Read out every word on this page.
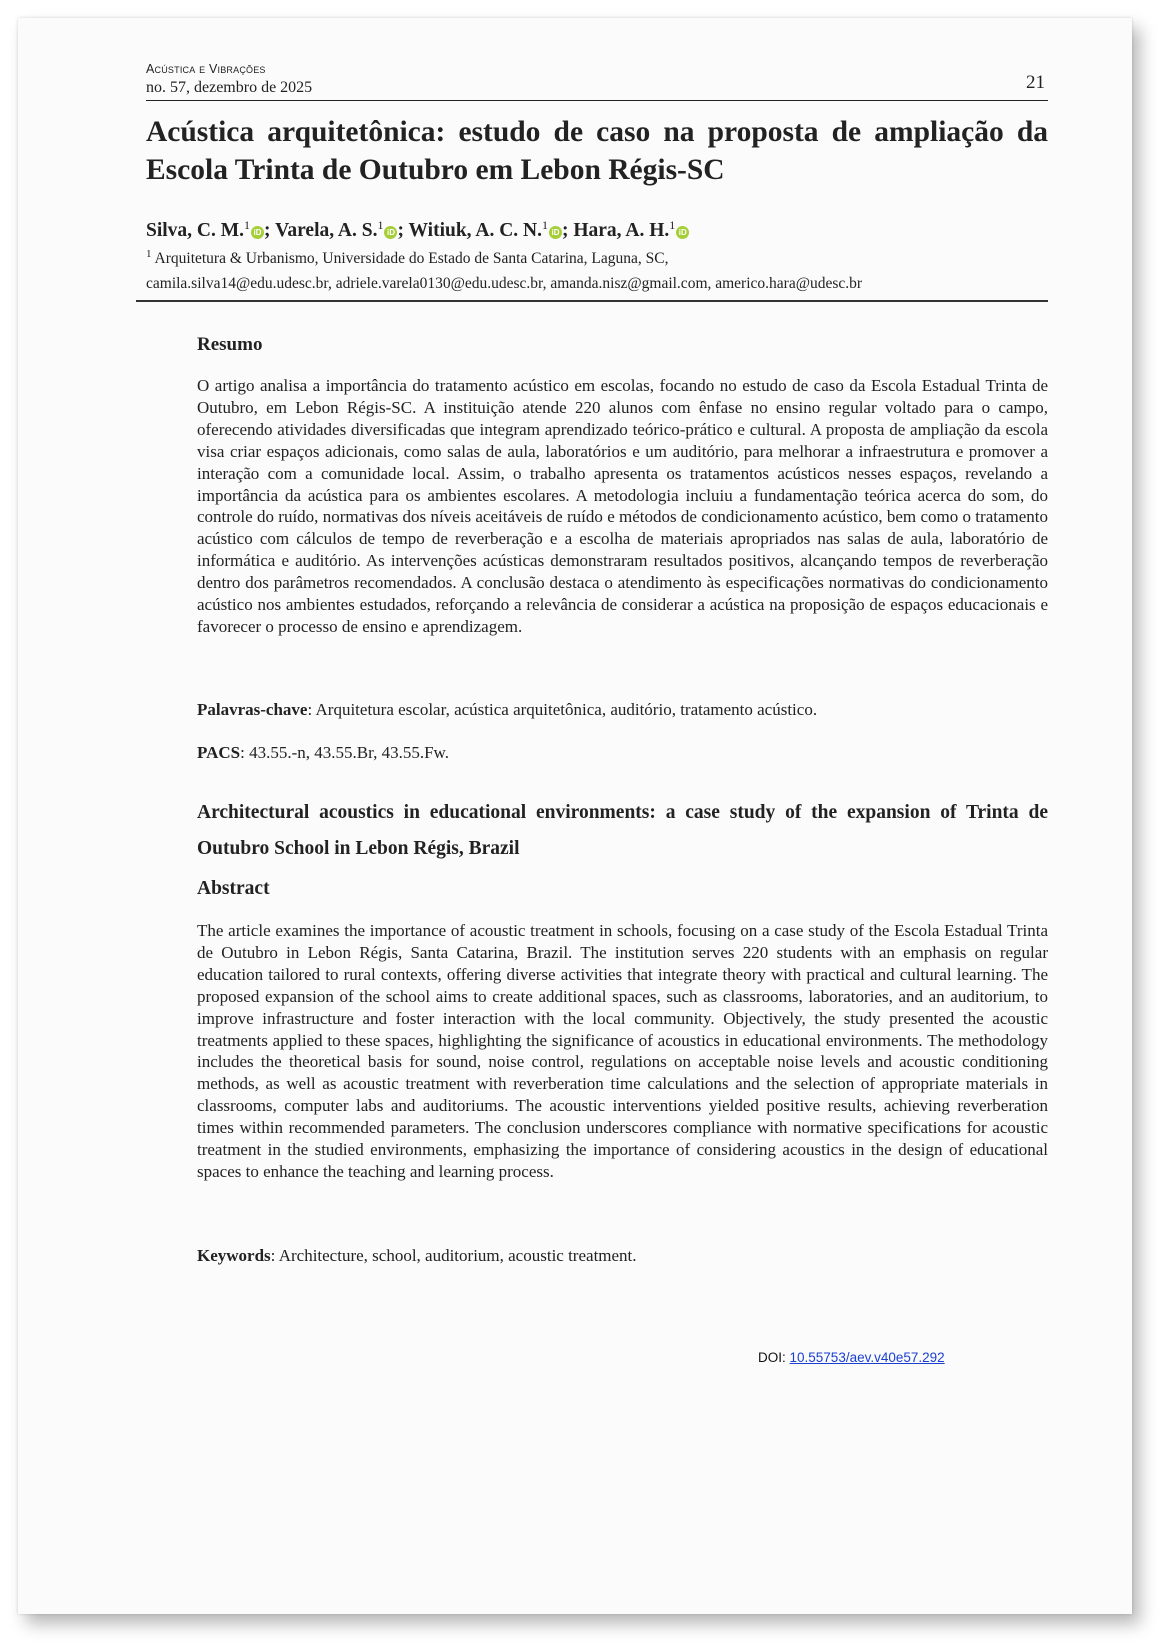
Acústica e Vibrações
no. 57, dezembro de 2025	21
Acústica arquitetônica: estudo de caso na proposta de ampliação da Escola Trinta de Outubro em Lebon Régis-SC
Silva, C. M.$^1$iD ; Varela, A. S.$^1$iD ; Witiuk, A. C. N.$^1$iD ; Hara, A. H.$^1$iD
$^1$ Arquitetura & Urbanismo, Universidade do Estado de Santa Catarina, Laguna, SC,
camila.silva14@edu.udesc.br, adriele.varela0130@edu.udesc.br, amanda.nisz@gmail.com, americo.hara@udesc.br
Resumo
O artigo analisa a importância do tratamento acústico em escolas, focando no estudo de caso da Escola Estadual Trinta de Outubro, em Lebon Régis-SC. A instituição atende 220 alunos com ênfase no ensino regular voltado para o campo, oferecendo atividades diversificadas que integram aprendizado teórico-prático e cultural. A proposta de ampliação da escola visa criar espaços adicionais, como salas de aula, laboratórios e um auditório, para melhorar a infraestrutura e promover a interação com a comunidade local. Assim, o trabalho apresenta os tratamentos acústicos nesses espaços, revelando a importância da acústica para os ambientes escolares. A metodologia incluiu a fundamentação teórica acerca do som, do controle do ruído, normativas dos níveis aceitáveis de ruído e métodos de condicionamento acústico, bem como o tratamento acústico com cálculos de tempo de reverberação e a escolha de materiais apropriados nas salas de aula, laboratório de informática e auditório. As intervenções acústicas demonstraram resultados positivos, alcançando tempos de reverberação dentro dos parâmetros recomendados. A conclusão destaca o atendimento às especificações normativas do condicionamento acústico nos ambientes estudados, reforçando a relevância de considerar a acústica na proposição de espaços educacionais e favorecer o processo de ensino e aprendizagem.
Palavras-chave: Arquitetura escolar, acústica arquitetônica, auditório, tratamento acústico.
PACS: 43.55.-n, 43.55.Br, 43.55.Fw.
Architectural acoustics in educational environments: a case study of the expansion of Trinta de Outubro School in Lebon Régis, Brazil
Abstract
The article examines the importance of acoustic treatment in schools, focusing on a case study of the Escola Estadual Trinta de Outubro in Lebon Régis, Santa Catarina, Brazil. The institution serves 220 students with an emphasis on regular education tailored to rural contexts, offering diverse activities that integrate theory with practical and cultural learning. The proposed expansion of the school aims to create additional spaces, such as classrooms, laboratories, and an auditorium, to improve infrastructure and foster interaction with the local community. Objectively, the study presented the acoustic treatments applied to these spaces, highlighting the significance of acoustics in educational environments. The methodology includes the theoretical basis for sound, noise control, regulations on acceptable noise levels and acoustic conditioning methods, as well as acoustic treatment with reverberation time calculations and the selection of appropriate materials in classrooms, computer labs and auditoriums. The acoustic interventions yielded positive results, achieving reverberation times within recommended parameters. The conclusion underscores compliance with normative specifications for acoustic treatment in the studied environments, emphasizing the importance of considering acoustics in the design of educational spaces to enhance the teaching and learning process.
Keywords: Architecture, school, auditorium, acoustic treatment.
DOI: 10.55753/aev.v40e57.292
